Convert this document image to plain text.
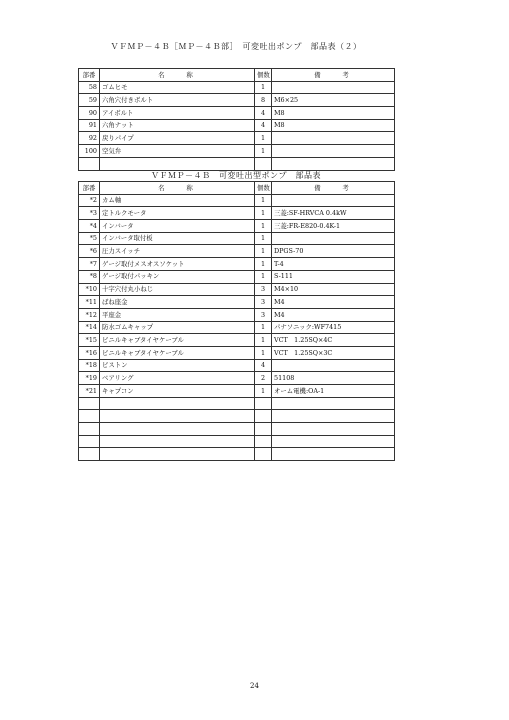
ＶＦＭＰ－４Ｂ［ＭＰ－４Ｂ部］　可変吐出ポンプ　部品表（２）
部番	名　　称	個数	備　　考
58	ゴムヒモ	1	
59	六角穴付きボルト	8	M6×25
90	アイボルト	4	M8
91	六角ナット	4	M8
92	戻りパイプ	1	
100	空気弁	1	

ＶＦＭＰ－４Ｂ　可変吐出型ポンプ　部品表
部番	名　　称	個数	備　　考
*2	カム軸	1	
*3	定トルクモータ	1	三菱:SF-HRVCA 0.4kW
*4	インバータ	1	三菱:FR-E820-0.4K-1
*5	インバータ取付板	1	
*6	圧力スイッチ	1	DPGS-70
*7	ゲージ取付メスオスソケット	1	T-4
*8	ゲージ取付パッキン	1	S-111
*10	十字穴付丸小ねじ	3	M4×10
*11	ばね座金	3	M4
*12	平座金	3	M4
*14	防水ゴムキャップ	1	パナソニック:WF7415
*15	ビニルキャブタイヤケーブル	1	VCT　1.25SQ×4C
*16	ビニルキャブタイヤケーブル	1	VCT　1.25SQ×3C
*18	ピストン	4	
*19	ベアリング	2	51108
*21	キャプコン	1	オーム電機:OA-1

24
